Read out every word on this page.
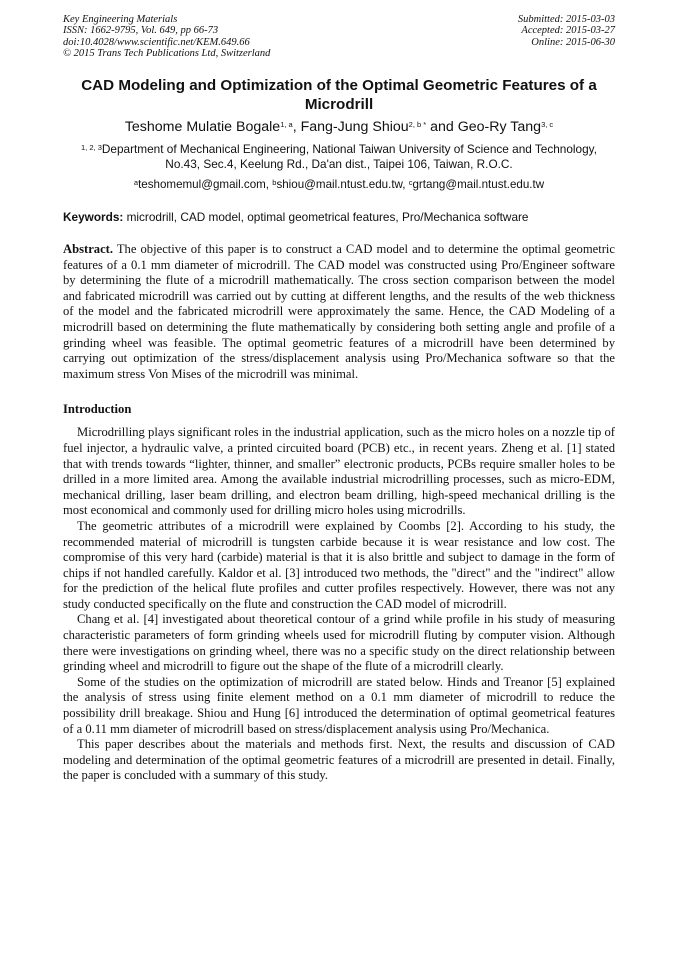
Key Engineering Materials
ISSN: 1662-9795, Vol. 649, pp 66-73
doi:10.4028/www.scientific.net/KEM.649.66
© 2015 Trans Tech Publications Ltd, Switzerland
Submitted: 2015-03-03
Accepted: 2015-03-27
Online: 2015-06-30
CAD Modeling and Optimization of the Optimal Geometric Features of a Microdrill
Teshome Mulatie Bogale$^{1, a}$, Fang-Jung Shiou$^{2, b *}$ and Geo-Ry Tang$^{3, c}$
$^{1, 2, 3}$Department of Mechanical Engineering, National Taiwan University of Science and Technology,
No.43, Sec.4, Keelung Rd., Da'an dist., Taipei 106, Taiwan, R.O.C.
$^a$teshomemul@gmail.com, $^b$shiou@mail.ntust.edu.tw, $^c$grtang@mail.ntust.edu.tw
Keywords: microdrill, CAD model, optimal geometrical features, Pro/Mechanica software
Abstract. The objective of this paper is to construct a CAD model and to determine the optimal geometric features of a 0.1 mm diameter of microdrill. The CAD model was constructed using Pro/Engineer software by determining the flute of a microdrill mathematically. The cross section comparison between the model and fabricated microdrill was carried out by cutting at different lengths, and the results of the web thickness of the model and the fabricated microdrill were approximately the same. Hence, the CAD Modeling of a microdrill based on determining the flute mathematically by considering both setting angle and profile of a grinding wheel was feasible. The optimal geometric features of a microdrill have been determined by carrying out optimization of the stress/displacement analysis using Pro/Mechanica software so that the maximum stress Von Mises of the microdrill was minimal.
Introduction

Microdrilling plays significant roles in the industrial application, such as the micro holes on a nozzle tip of fuel injector, a hydraulic valve, a printed circuited board (PCB) etc., in recent years. Zheng et al. [1] stated that with trends towards “lighter, thinner, and smaller” electronic products, PCBs require smaller holes to be drilled in a more limited area. Among the available industrial microdrilling processes, such as micro-EDM, mechanical drilling, laser beam drilling, and electron beam drilling, high-speed mechanical drilling is the most economical and commonly used for drilling micro holes using microdrills.

The geometric attributes of a microdrill were explained by Coombs [2]. According to his study, the recommended material of microdrill is tungsten carbide because it is wear resistance and low cost. The compromise of this very hard (carbide) material is that it is also brittle and subject to damage in the form of chips if not handled carefully. Kaldor et al. [3] introduced two methods, the "direct" and the "indirect" allow for the prediction of the helical flute profiles and cutter profiles respectively. However, there was not any study conducted specifically on the flute and construction the CAD model of microdrill.

Chang et al. [4] investigated about theoretical contour of a grind while profile in his study of measuring characteristic parameters of form grinding wheels used for microdrill fluting by computer vision. Although there were investigations on grinding wheel, there was no a specific study on the direct relationship between grinding wheel and microdrill to figure out the shape of the flute of a microdrill clearly.

Some of the studies on the optimization of microdrill are stated below. Hinds and Treanor [5] explained the analysis of stress using finite element method on a 0.1 mm diameter of microdrill to reduce the possibility drill breakage. Shiou and Hung [6] introduced the determination of optimal geometrical features of a 0.11 mm diameter of microdrill based on stress/displacement analysis using Pro/Mechanica.

This paper describes about the materials and methods first. Next, the results and discussion of CAD modeling and determination of the optimal geometric features of a microdrill are presented in detail. Finally, the paper is concluded with a summary of this study.
